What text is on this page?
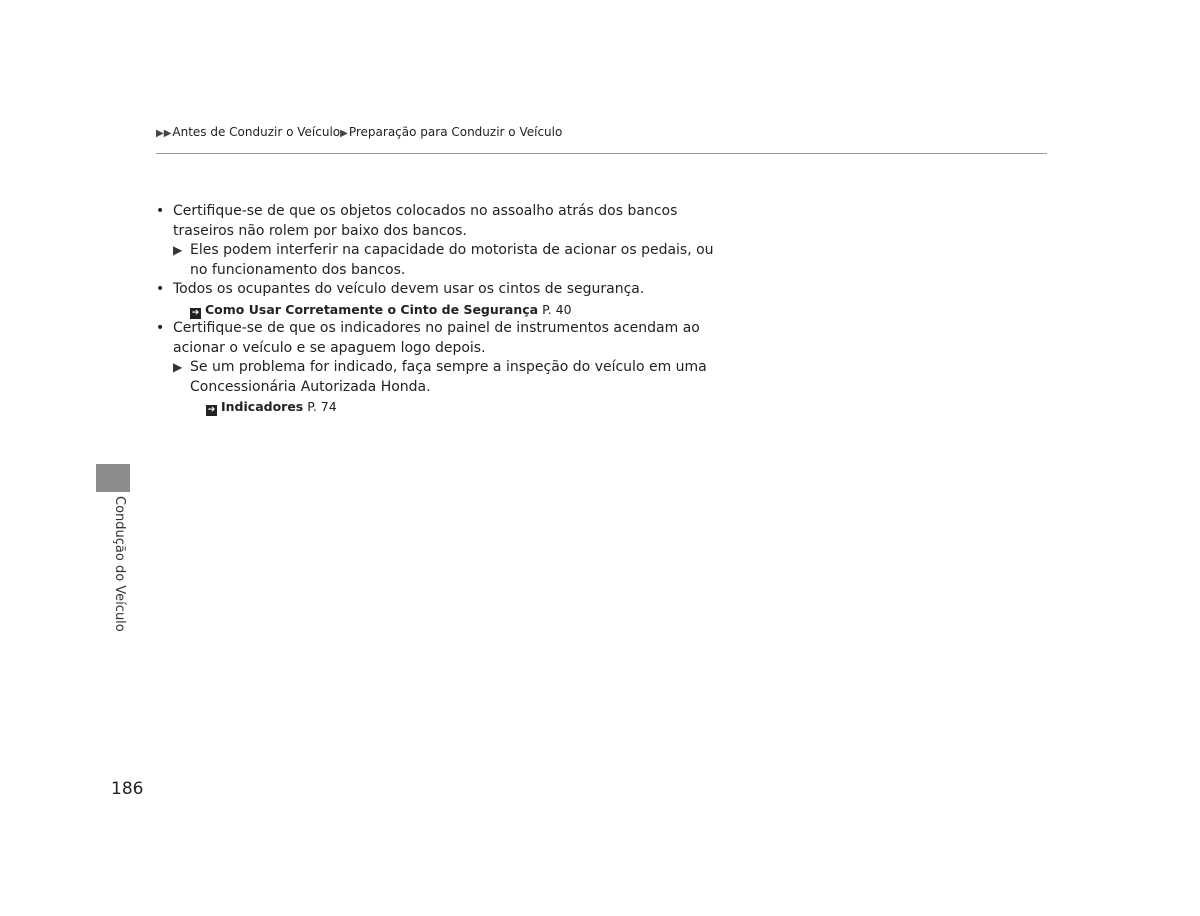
▶▶Antes de Conduzir o Veículo▶Preparação para Conduzir o Veículo
• Certifique-se de que os objetos colocados no assoalho atrás dos bancos traseiros não rolem por baixo dos bancos.
▶ Eles podem interferir na capacidade do motorista de acionar os pedais, ou no funcionamento dos bancos.
• Todos os ocupantes do veículo devem usar os cintos de segurança.
➔ Como Usar Corretamente o Cinto de Segurança P. 40
• Certifique-se de que os indicadores no painel de instrumentos acendam ao acionar o veículo e se apaguem logo depois.
▶ Se um problema for indicado, faça sempre a inspeção do veículo em uma Concessionária Autorizada Honda.
➔ Indicadores P. 74
Condução do Veículo
186
